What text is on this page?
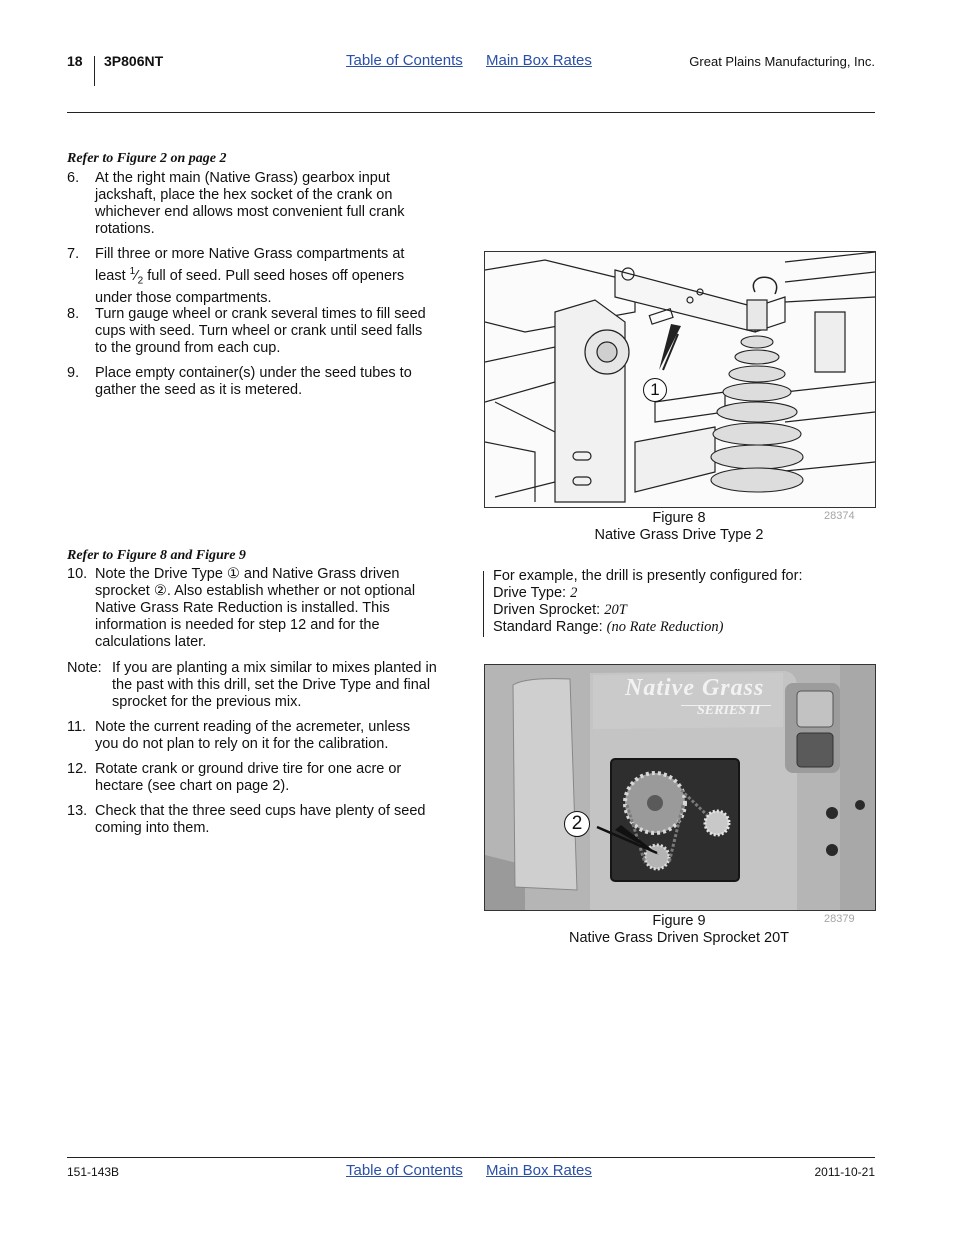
18 3P806NT	Table of Contents Main Box Rates	Great Plains Manufacturing, Inc.
Refer to Figure 2 on page 2
6. At the right main (Native Grass) gearbox input jackshaft, place the hex socket of the crank on whichever end allows most convenient full crank rotations.
7. Fill three or more Native Grass compartments at least $^1⁄_2$ full of seed. Pull seed hoses off openers under those compartments.
8. Turn gauge wheel or crank several times to fill seed cups with seed. Turn wheel or crank until seed falls to the ground from each cup.
9. Place empty container(s) under the seed tubes to gather the seed as it is metered.	1
Figure 8
Native Grass Drive Type 2
28374
Refer to Figure 8 and Figure 9
10. Note the Drive Type ① and Native Grass driven sprocket ②. Also establish whether or not optional Native Grass Rate Reduction is installed. This information is needed for step 12 and for the calculations later.
Note: If you are planting a mix similar to mixes planted in the past with this drill, set the Drive Type and final sprocket for the previous mix.
11. Note the current reading of the acremeter, unless you do not plan to rely on it for the calibration.
12. Rotate crank or ground drive tire for one acre or hectare (see chart on page 2).
13. Check that the three seed cups have plenty of seed coming into them.
For example, the drill is presently configured for:
Drive Type: 2
Driven Sprocket: 20T
Standard Range: (no Rate Reduction)
Native Grass
SERIES II
2
Figure 9
Native Grass Driven Sprocket 20T
28379
151-143B	Table of Contents Main Box Rates	2011-10-21
